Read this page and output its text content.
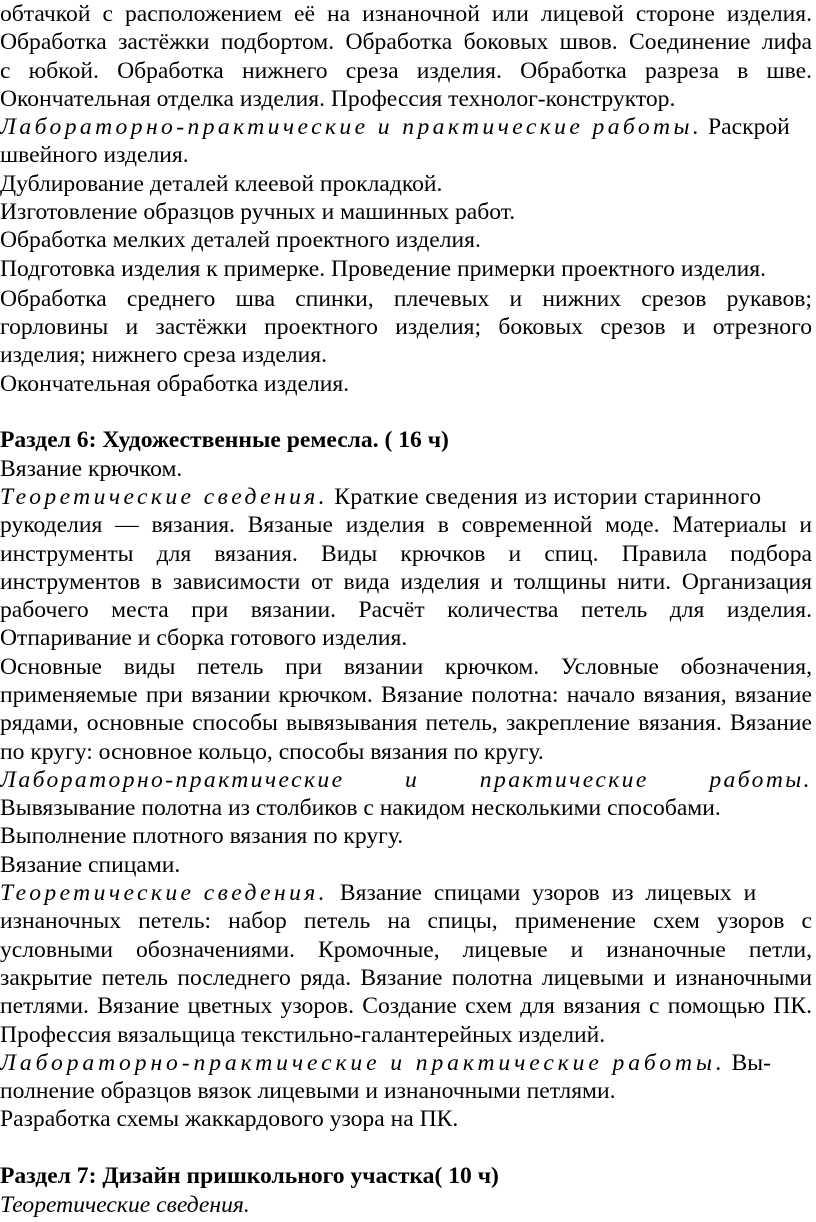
обтачкой с расположением её на изнаночной или лицевой стороне изделия.
Обработка застёжки подбортом. Обработка боковых швов. Соединение лифа
с юбкой. Обработка нижнего среза изделия. Обработка разреза в шве.
Окончательная отделка изделия. Профессия технолог-конструктор.
Лабораторно-практические и практические работы. Раскрой
швейного изделия.
Дублирование деталей клеевой прокладкой.
Изготовление образцов ручных и машинных работ.
Обработка мелких деталей проектного изделия.
Подготовка изделия к примерке. Проведение примерки проектного изделия.
Обработка среднего шва спинки, плечевых и нижних срезов рукавов;
горловины и застёжки проектного изделия; боковых срезов и отрезного
изделия; нижнего среза изделия.
Окончательная обработка изделия.
Раздел 6: Художественные ремесла. ( 16 ч)
Вязание крючком.
Теоретические сведения. Краткие сведения из истории старинного
рукоделия — вязания. Вязаные изделия в современной моде. Материалы и
инструменты для вязания. Виды крючков и спиц. Правила подбора
инструментов в зависимости от вида изделия и толщины нити. Организация
рабочего места при вязании. Расчёт количества петель для изделия.
Отпаривание и сборка готового изделия.
Основные виды петель при вязании крючком. Условные обозначения,
применяемые при вязании крючком. Вязание полотна: начало вязания, вязание
рядами, основные способы вывязывания петель, закрепление вязания. Вязание
по кругу: основное кольцо, способы вязания по кругу.
Лабораторно-практические	и	практические	работы.
Вывязывание полотна из столбиков с накидом несколькими способами.
Выполнение плотного вязания по кругу.
Вязание спицами.
Теоретические сведения. Вязание спицами узоров из лицевых и
изнаночных петель: набор петель на спицы, применение схем узоров с
условными обозначениями. Кромочные, лицевые и изнаночные петли,
закрытие петель последнего ряда. Вязание полотна лицевыми и изнаночными
петлями. Вязание цветных узоров. Создание схем для вязания с помощью ПК.
Профессия вязальщица текстильно-галантерейных изделий.
Лабораторно-практические и практические работы. Вы-
полнение образцов вязок лицевыми и изнаночными петлями.
Разработка схемы жаккардового узора на ПК.
Раздел 7: Дизайн пришкольного участка( 10 ч)
Теоретические сведения.
